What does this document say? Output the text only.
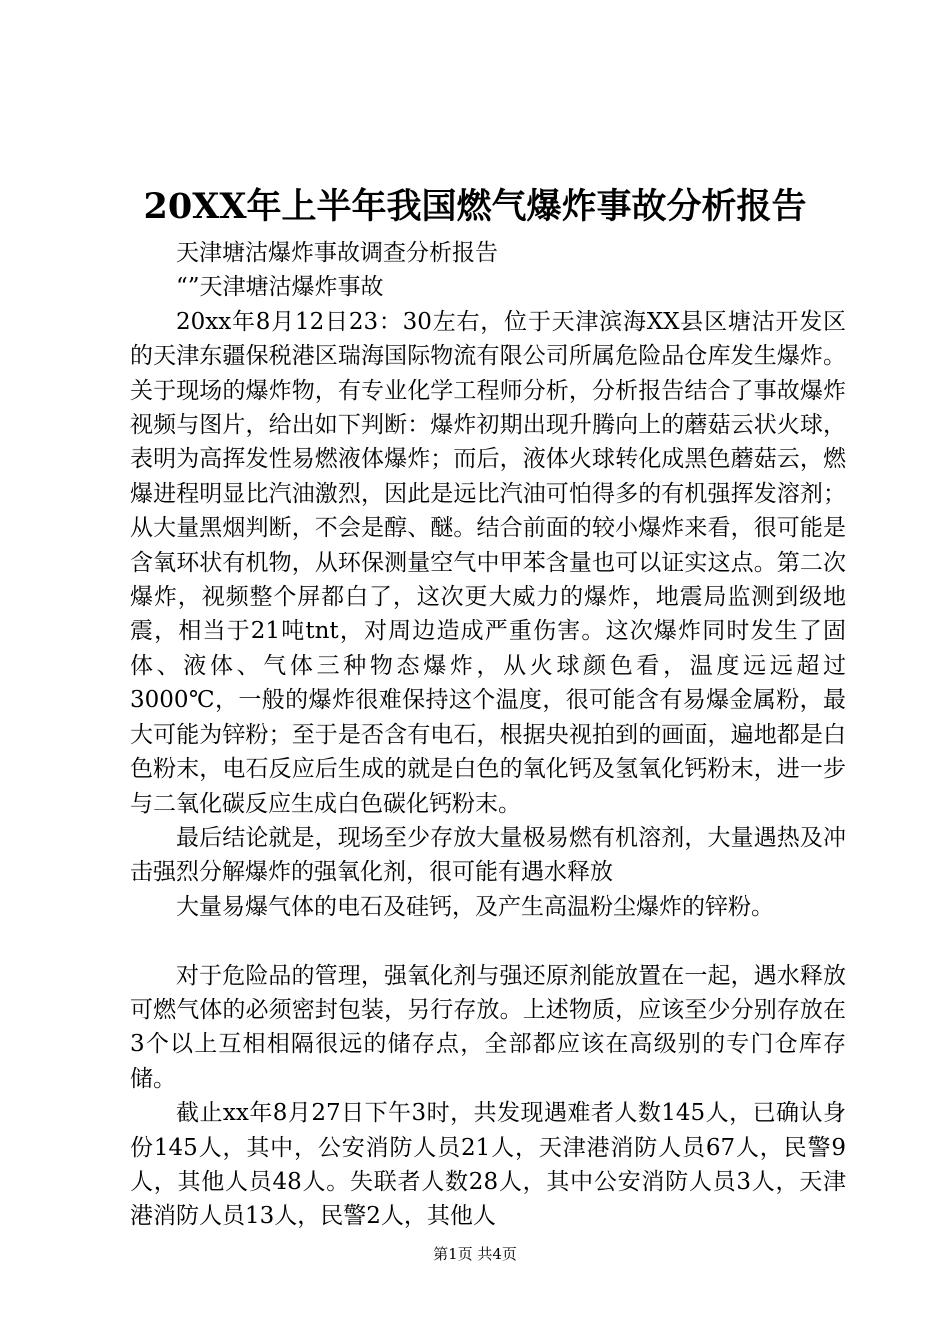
20XX年上半年我国燃气爆炸事故分析报告

天津塘沽爆炸事故调查分析报告

“”天津塘沽爆炸事故

20xx年8月12日23：30左右，位于天津滨海XX县区塘沽开发区的天津东疆保税港区瑞海国际物流有限公司所属危险品仓库发生爆炸。关于现场的爆炸物，有专业化学工程师分析，分析报告结合了事故爆炸视频与图片，给出如下判断：爆炸初期出现升腾向上的蘑菇云状火球，表明为高挥发性易燃液体爆炸；而后，液体火球转化成黑色蘑菇云，燃爆进程明显比汽油激烈，因此是远比汽油可怕得多的有机强挥发溶剂；从大量黑烟判断，不会是醇、醚。结合前面的较小爆炸来看，很可能是含氧环状有机物，从环保测量空气中甲苯含量也可以证实这点。第二次爆炸，视频整个屏都白了，这次更大威力的爆炸，地震局监测到级地震，相当于21吨tnt，对周边造成严重伤害。这次爆炸同时发生了固体、液体、气体三种物态爆炸，从火球颜色看，温度远远超过3000℃，一般的爆炸很难保持这个温度，很可能含有易爆金属粉，最大可能为锌粉；至于是否含有电石，根据央视拍到的画面，遍地都是白色粉末，电石反应后生成的就是白色的氧化钙及氢氧化钙粉末，进一步与二氧化碳反应生成白色碳化钙粉末。

最后结论就是，现场至少存放大量极易燃有机溶剂，大量遇热及冲击强烈分解爆炸的强氧化剂，很可能有遇水释放

大量易爆气体的电石及硅钙，及产生高温粉尘爆炸的锌粉。

对于危险品的管理，强氧化剂与强还原剂能放置在一起，遇水释放可燃气体的必须密封包装，另行存放。上述物质，应该至少分别存放在3个以上互相相隔很远的储存点，全部都应该在高级别的专门仓库存储。

截止xx年8月27日下午3时，共发现遇难者人数145人，已确认身份145人，其中，公安消防人员21人，天津港消防人员67人，民警9人，其他人员48人。失联者人数28人，其中公安消防人员3人，天津港消防人员13人，民警2人，其他人

第1页 共4页
